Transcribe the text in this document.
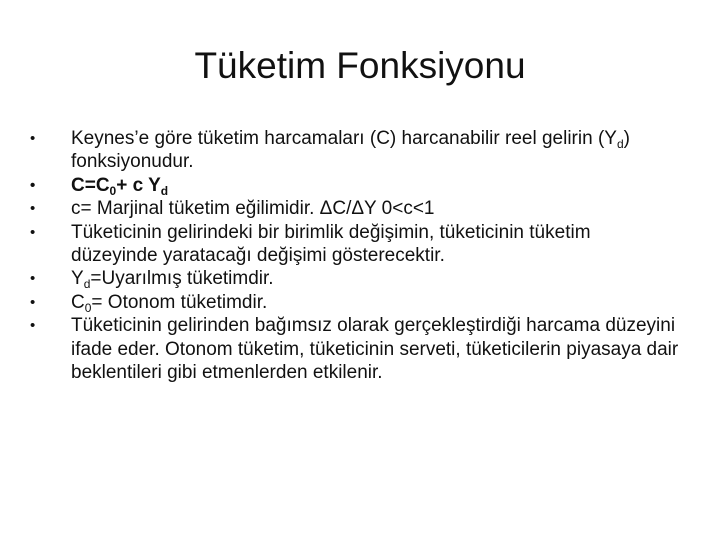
Tüketim Fonksiyonu
•	Keynes’e göre tüketim harcamaları (C) harcanabilir reel gelirin $(Y_d)$ fonksiyonudur.
•	$C=C_0+ c$ $Y_d$
•	c= Marjinal tüketim eğilimidir. ΔC/ΔY 0<c<1
•	Tüketicinin gelirindeki bir birimlik değişimin, tüketicinin tüketim düzeyinde yaratacağı değişimi gösterecektir.
•	$Y_d=Uyarılmış$ tüketimdir.
•	$C_0=$ Otonom tüketimdir.
•	Tüketicinin gelirinden bağımsız olarak gerçekleştirdiği harcama düzeyini ifade eder. Otonom tüketim, tüketicinin serveti, tüketicilerin piyasaya dair beklentileri gibi etmenlerden etkilenir.
